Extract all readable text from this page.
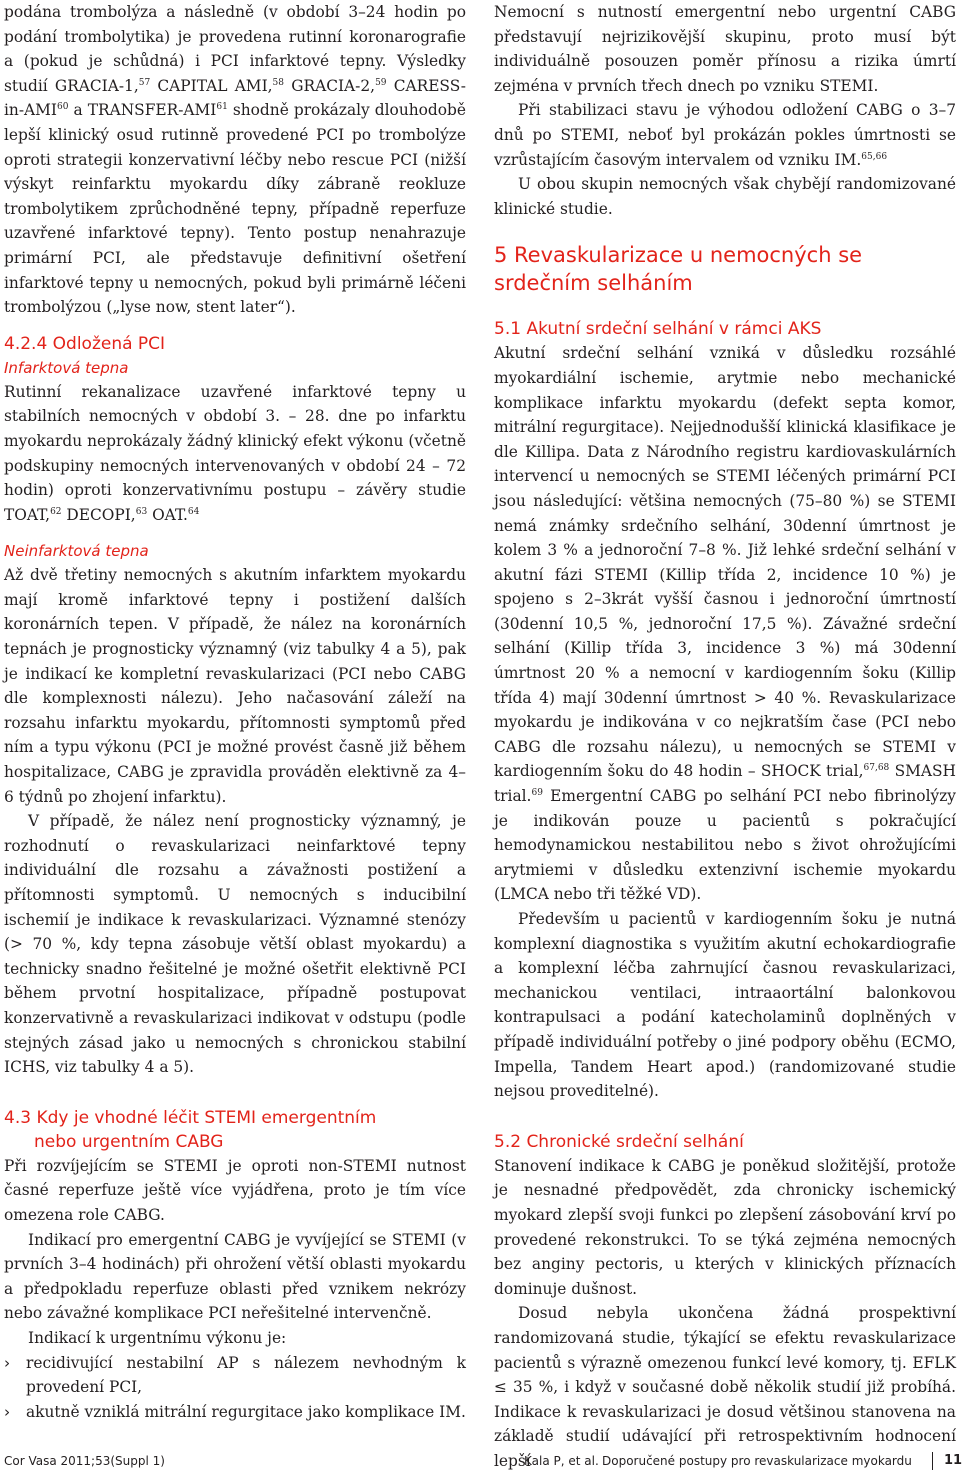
podána trombolýza a následně (v období 3–24 hodin po podání trombolytika) je provedena rutinní koronarografie a (pokud je schůdná) i PCI infarktové tepny. Výsledky studií GRACIA-1,57 CAPITAL AMI,$^{58}$ GRACIA-2,59 CARESS-in-AMI$^{60}$ a TRANSFER-AMI$^{61}$ shodně prokázaly dlouhodobě lepší klinický osud rutinně provedené PCI po trombolýze oproti strategii konzervativní léčby nebo rescue PCI (nižší výskyt reinfarktu myokardu díky zábraně reokluze trombolytikem zprůchodněné tepny, případně reperfuze uzavřené infarktové tepny). Tento postup nenahrazuje primární PCI, ale představuje definitivní ošetření infarktové tepny u nemocných, pokud byli primárně léčeni trombolýzou („lyse now, stent later“).

4.2.4 Odložená PCI
Infarktová tepna

Rutinní rekanalizace uzavřené infarktové tepny u stabilních nemocných v období 3. – 28. dne po infarktu myokardu neprokázaly žádný klinický efekt výkonu (včetně podskupiny nemocných intervenovaných v období 24 – 72 hodin) oproti konzervativnímu postupu – závěry studie TOAT,$^{62}$ DECOPI,$^{63}$ OAT.$^{64}$

Neinfarktová tepna

Až dvě třetiny nemocných s akutním infarktem myokardu mají kromě infarktové tepny i postižení dalších koronárních tepen. V případě, že nález na koronárních tepnách je prognosticky významný (viz tabulky 4 a 5), pak je indikací ke kompletní revaskularizaci (PCI nebo CABG dle komplexnosti nálezu). Jeho načasování záleží na rozsahu infarktu myokardu, přítomnosti symptomů před ním a typu výkonu (PCI je možné provést časně již během hospitalizace, CABG je zpravidla prováděn elektivně za 4–6 týdnů po zhojení infarktu).

V případě, že nález není prognosticky významný, je rozhodnutí o revaskularizaci neinfarktové tepny individuální dle rozsahu a závažnosti postižení a přítomnosti symptomů. U nemocných s inducibilní ischemií je indikace k revaskularizaci. Významné stenózy (> 70 %, kdy tepna zásobuje větší oblast myokardu) a technicky snadno řešitelné je možné ošetřit elektivně PCI během prvotní hospitalizace, případně postupovat konzervativně a revaskularizaci indikovat v odstupu (podle stejných zásad jako u nemocných s chronickou stabilní ICHS, viz tabulky 4 a 5).

4.3 Kdy je vhodné léčit STEMI emergentním
nebo urgentním CABG

Při rozvíjejícím se STEMI je oproti non-STEMI nutnost časné reperfuze ještě více vyjádřena, proto je tím více omezena role CABG.

Indikací pro emergentní CABG je vyvíjející se STEMI (v prvních 3–4 hodinách) při ohrožení větší oblasti myokardu a předpokladu reperfuze oblasti před vznikem nekrózy nebo závažné komplikace PCI neřešitelné intervenčně.

Indikací k urgentnímu výkonu je:

› recidivující nestabilní AP s nálezem nevhodným k provedení PCI,
› akutně vzniklá mitrální regurgitace jako komplikace IM.

Nemocní s nutností emergentní nebo urgentní CABG představují nejrizikovější skupinu, proto musí být individuálně posouzen poměr přínosu a rizika úmrtí zejména v prvních třech dnech po vzniku STEMI.

Při stabilizaci stavu je výhodou odložení CABG o 3–7 dnů po STEMI, neboť byl prokázán pokles úmrtnosti se vzrůstajícím časovým intervalem od vzniku IM.$^{65,66}$

U obou skupin nemocných však chybějí randomizované klinické studie.

5 Revaskularizace u nemocných se srdečním selháním
5.1 Akutní srdeční selhání v rámci AKS

Akutní srdeční selhání vzniká v důsledku rozsáhlé myokardiální ischemie, arytmie nebo mechanické komplikace infarktu myokardu (defekt septa komor, mitrální regurgitace). Nejjednodušší klinická klasifikace je dle Killipa. Data z Národního registru kardiovaskulárních intervencí u nemocných se STEMI léčených primární PCI jsou následující: většina nemocných (75–80 %) se STEMI nemá známky srdečního selhání, 30denní úmrtnost je kolem 3 % a jednoroční 7–8 %. Již lehké srdeční selhání v akutní fázi STEMI (Killip třída 2, incidence 10 %) je spojeno s 2–3krát vyšší časnou i jednoroční úmrtností (30denní 10,5 %, jednoroční 17,5 %). Závažné srdeční selhání (Killip třída 3, incidence 3 %) má 30denní úmrtnost 20 % a nemocní v kardiogenním šoku (Killip třída 4) mají 30denní úmrtnost > 40 %. Revaskularizace myokardu je indikována v co nejkratším čase (PCI nebo CABG dle rozsahu nálezu), u nemocných se STEMI v kardiogenním šoku do 48 hodin – SHOCK trial,$^{67,68}$ SMASH trial.$^{69}$ Emergentní CABG po selhání PCI nebo fibrinolýzy je indikován pouze u pacientů s pokračující hemodynamickou nestabilitou nebo s život ohrožujícími arytmiemi v důsledku extenzivní ischemie myokardu (LMCA nebo tři těžké VD).

Především u pacientů v kardiogenním šoku je nutná komplexní diagnostika s využitím akutní echokardiografie a komplexní léčba zahrnující časnou revaskularizaci, mechanickou ventilaci, intraaortální balonkovou kontrapulsaci a podání katecholaminů doplněných v případě individuální potřeby o jiné podpory oběhu (ECMO, Impella, Tandem Heart apod.) (randomizované studie nejsou proveditelné).

5.2 Chronické srdeční selhání

Stanovení indikace k CABG je poněkud složitější, protože je nesnadné předpovědět, zda chronicky ischemický myokard zlepší svoji funkci po zlepšení zásobování krví po provedené rekonstrukci. To se týká zejména nemocných bez anginy pectoris, u kterých v klinických příznacích dominuje dušnost.

Dosud nebyla ukončena žádná prospektivní randomizovaná studie, týkající se efektu revaskularizace pacientů s výrazně omezenou funkcí levé komory, tj. EFLK ≤ 35 %, i když v současné době několik studií již probíhá. Indikace k revaskularizaci je dosud většinou stanovena na základě studií udávající při retrospektivním hodnocení lepší

Cor Vasa 2011;53(Suppl 1)	Kala P, et al. Doporučené postupy pro revaskularizace myokardu 11
